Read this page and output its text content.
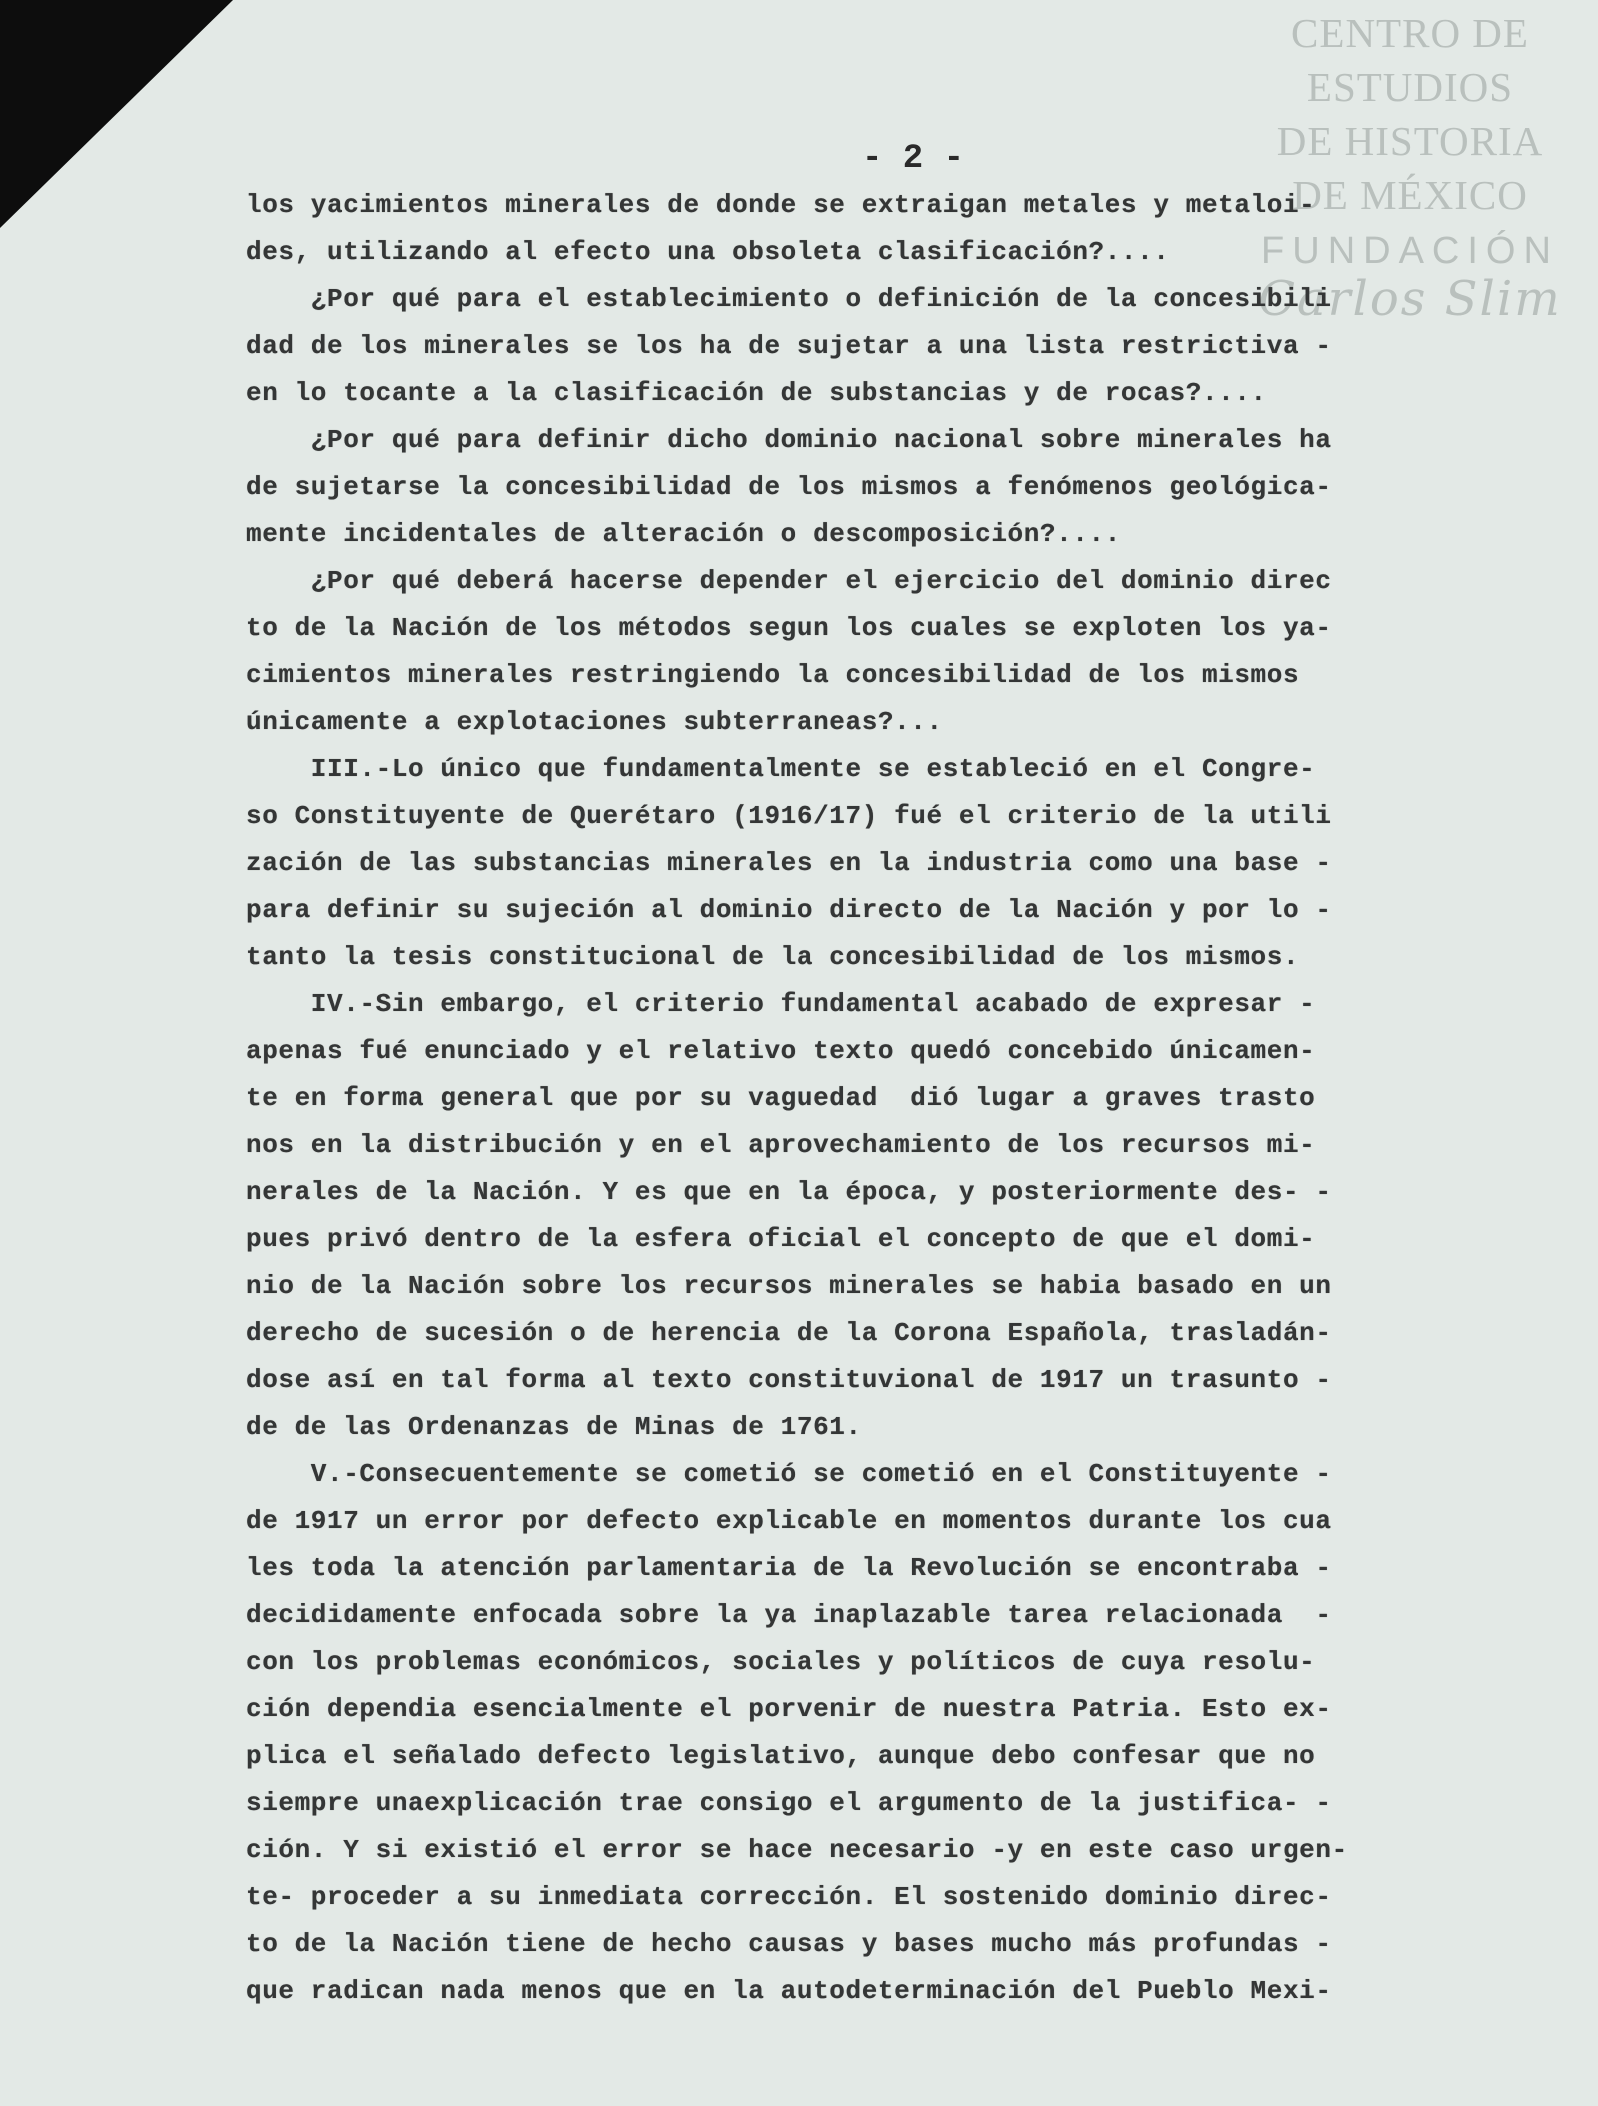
CENTRO DE
ESTUDIOS
DE HISTORIA
DE MÉXICO
FUNDACIÓN
Carlos Slim
- 2 -
los yacimientos minerales de donde se extraigan metales y metaloi-
des, utilizando al efecto una obsoleta clasificación?....
¿Por qué para el establecimiento o definición de la concesibili
dad de los minerales se los ha de sujetar a una lista restrictiva -
en lo tocante a la clasificación de substancias y de rocas?....
¿Por qué para definir dicho dominio nacional sobre minerales ha
de sujetarse la concesibilidad de los mismos a fenómenos geológica-
mente incidentales de alteración o descomposición?....
¿Por qué deberá hacerse depender el ejercicio del dominio direc
to de la Nación de los métodos segun los cuales se exploten los ya-
cimientos minerales restringiendo la concesibilidad de los mismos
únicamente a explotaciones subterraneas?...
III.-Lo único que fundamentalmente se estableció en el Congre-
so Constituyente de Querétaro (1916/17) fué el criterio de la utili
zación de las substancias minerales en la industria como una base -
para definir su sujeción al dominio directo de la Nación y por lo -
tanto la tesis constitucional de la concesibilidad de los mismos.
IV.-Sin embargo, el criterio fundamental acabado de expresar -
apenas fué enunciado y el relativo texto quedó concebido únicamen-
te en forma general que por su vaguedad  dió lugar a graves trasto
nos en la distribución y en el aprovechamiento de los recursos mi-
nerales de la Nación. Y es que en la época, y posteriormente des- -
pues privó dentro de la esfera oficial el concepto de que el domi-
nio de la Nación sobre los recursos minerales se habia basado en un
derecho de sucesión o de herencia de la Corona Española, trasladán-
dose así en tal forma al texto constituvional de 1917 un trasunto -
de de las Ordenanzas de Minas de 1761.
V.-Consecuentemente se cometió se cometió en el Constituyente -
de 1917 un error por defecto explicable en momentos durante los cua
les toda la atención parlamentaria de la Revolución se encontraba -
decididamente enfocada sobre la ya inaplazable tarea relacionada  -
con los problemas económicos, sociales y políticos de cuya resolu-
ción dependia esencialmente el porvenir de nuestra Patria. Esto ex-
plica el señalado defecto legislativo, aunque debo confesar que no
siempre unaexplicación trae consigo el argumento de la justifica- -
ción. Y si existió el error se hace necesario -y en este caso urgen-
te- proceder a su inmediata corrección. El sostenido dominio direc-
to de la Nación tiene de hecho causas y bases mucho más profundas -
que radican nada menos que en la autodeterminación del Pueblo Mexi-
